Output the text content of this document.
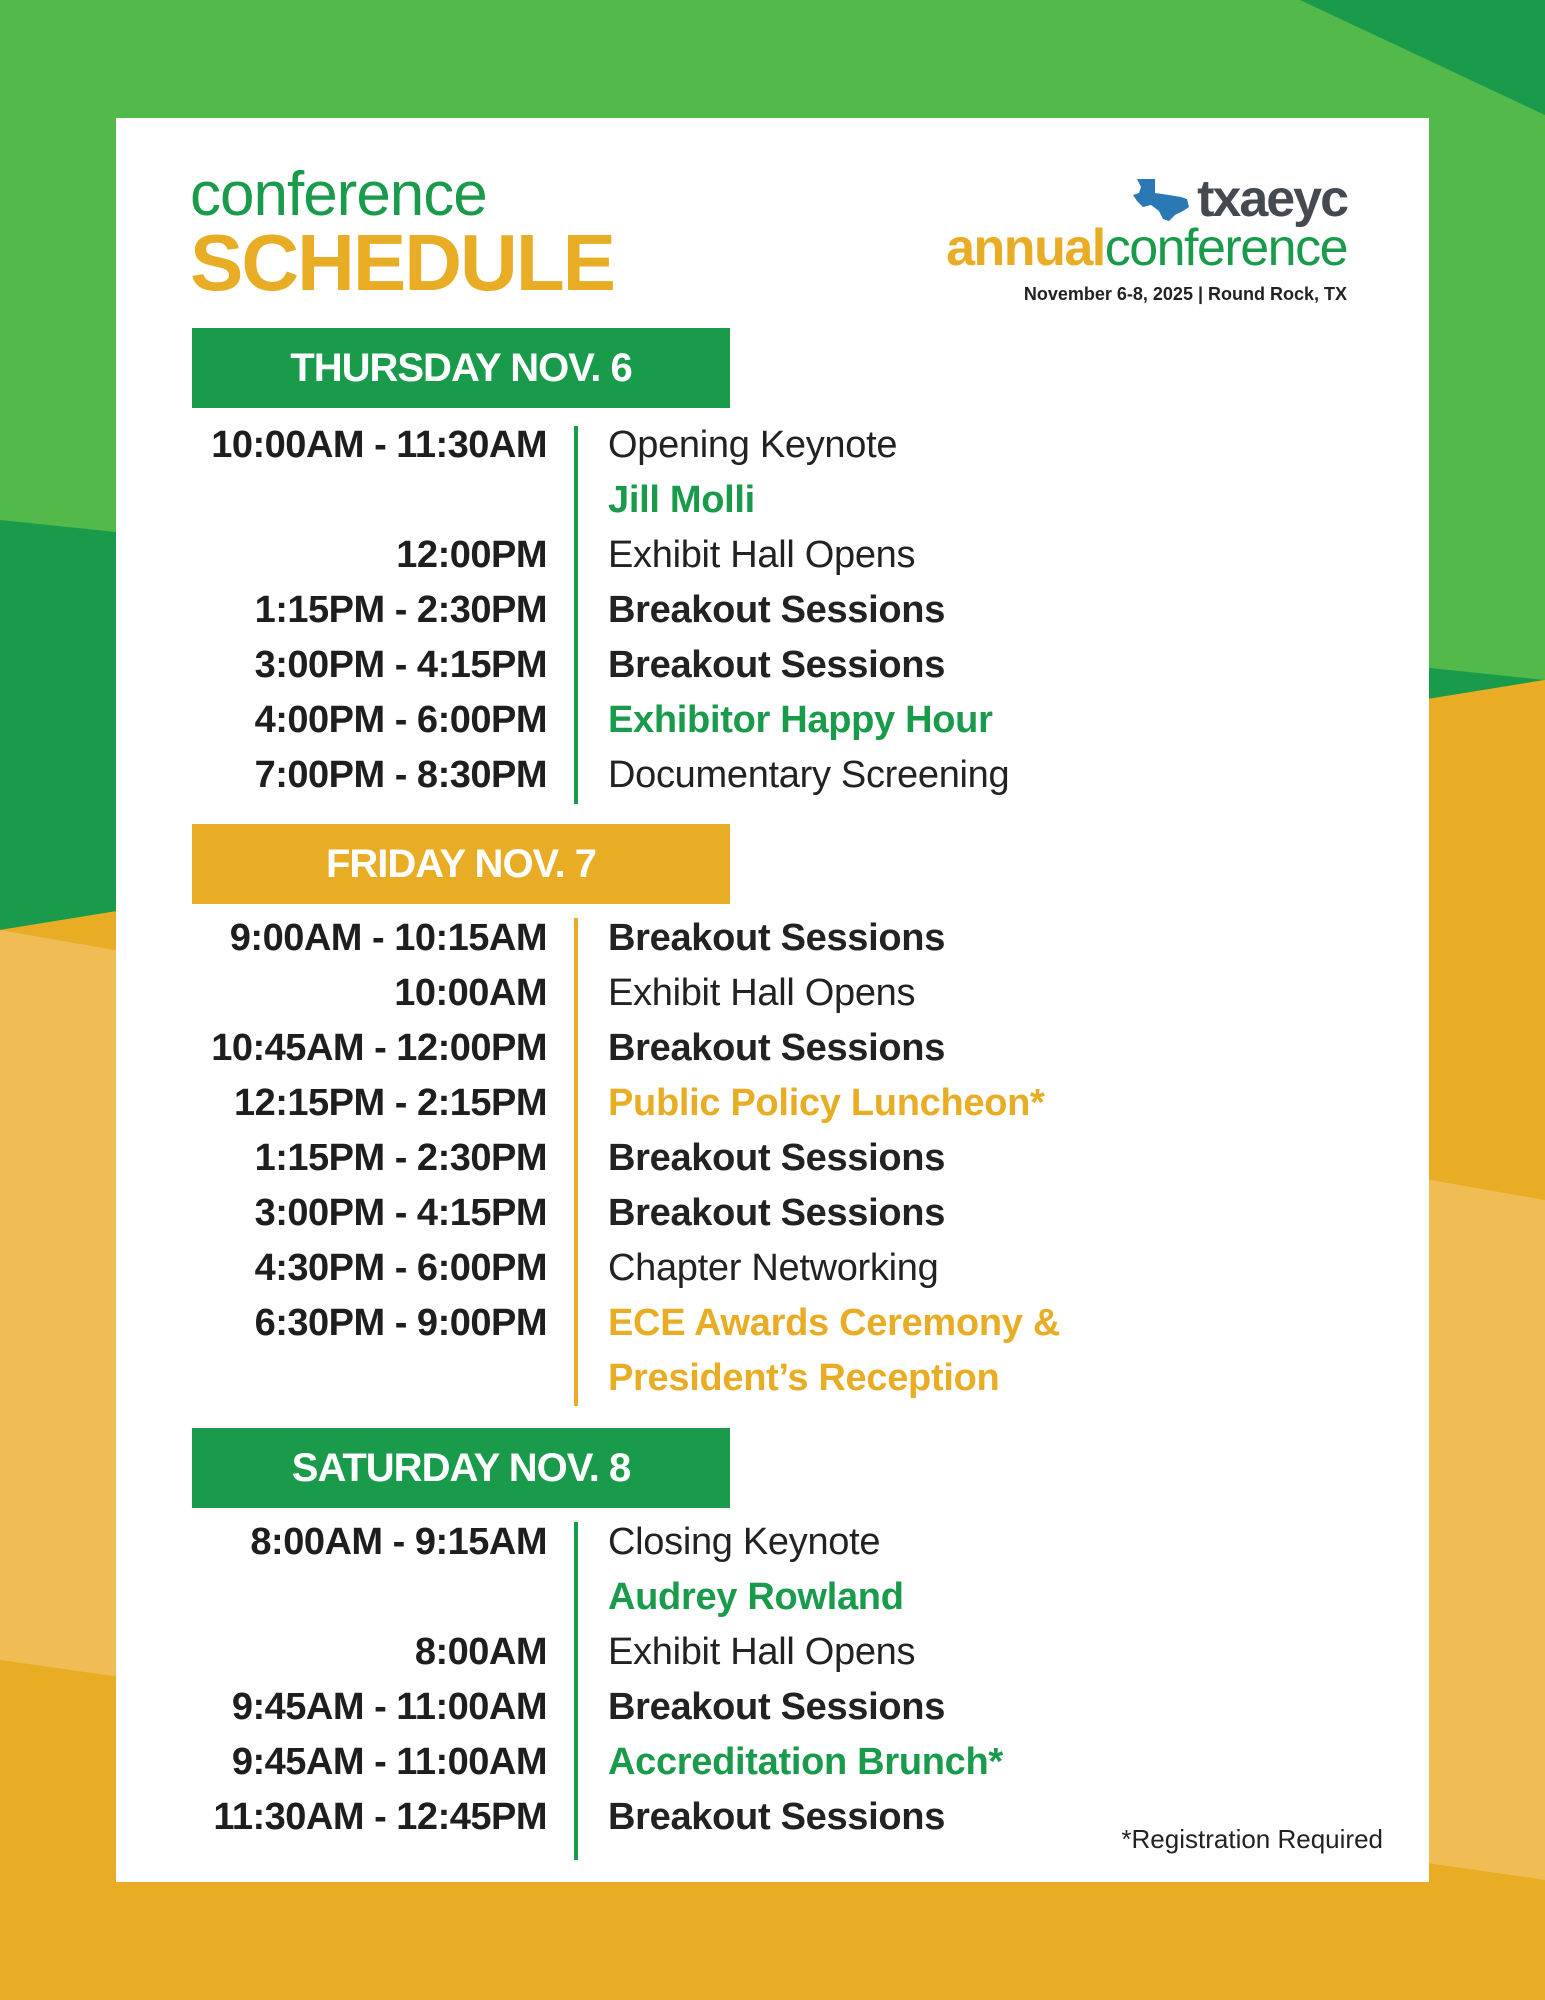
conference
SCHEDULE
txaeyc
annualconference
November 6-8, 2025 | Round Rock, TX
THURSDAY NOV. 6
10:00AM - 11:30AM Opening Keynote
Jill Molli
12:00PM Exhibit Hall Opens
1:15PM - 2:30PM Breakout Sessions
3:00PM - 4:15PM Breakout Sessions
4:00PM - 6:00PM Exhibitor Happy Hour
7:00PM - 8:30PM Documentary Screening
FRIDAY NOV. 7
9:00AM - 10:15AM Breakout Sessions
10:00AM Exhibit Hall Opens
10:45AM - 12:00PM Breakout Sessions
12:15PM - 2:15PM Public Policy Luncheon*
1:15PM - 2:30PM Breakout Sessions
3:00PM - 4:15PM Breakout Sessions
4:30PM - 6:00PM Chapter Networking
6:30PM - 9:00PM ECE Awards Ceremony &
President’s Reception
SATURDAY NOV. 8
8:00AM - 9:15AM Closing Keynote
Audrey Rowland
8:00AM Exhibit Hall Opens
9:45AM - 11:00AM Breakout Sessions
9:45AM - 11:00AM Accreditation Brunch*
11:30AM - 12:45PM Breakout Sessions
*Registration Required
